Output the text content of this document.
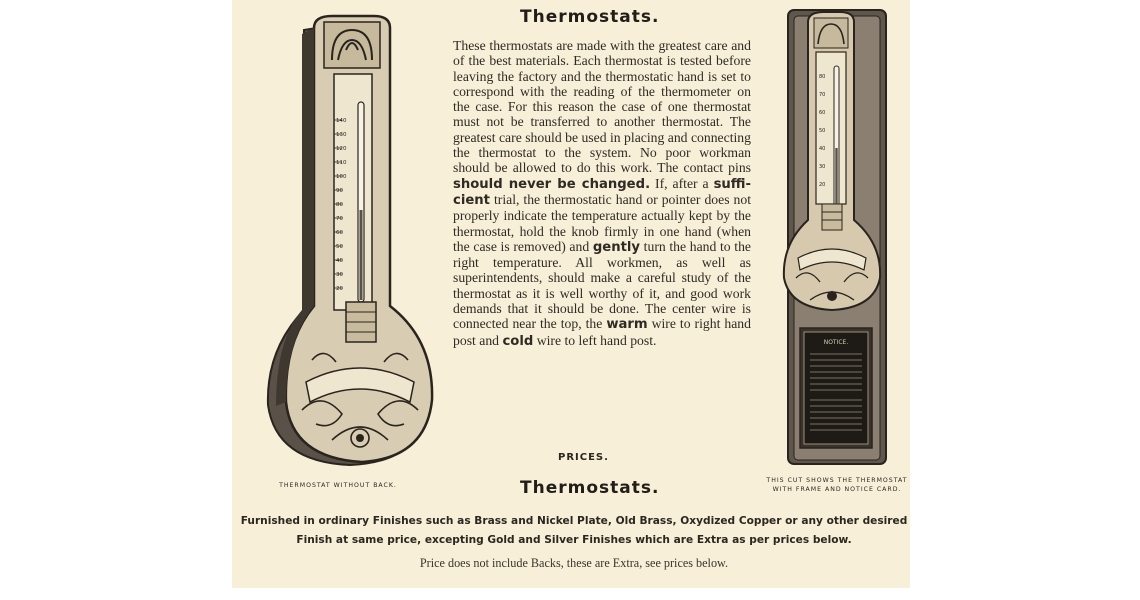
140
130
120
110
100
90
80
70
60
50
40
30
20
80
70
60
50
40
30
20
NOTICE.
Thermostats.
These thermostats are made with the greatest care and of the best materials. Each thermostat is tested before leaving the factory and the thermostatic hand is set to correspond with the reading of the thermometer on the case. For this reason the case of one thermostat must not be transferred to another thermostat. The greatest care should be used in placing and connecting the thermostat to the system. No poor workman should be allowed to do this work. The contact pins should never be changed. If, after a sufficient trial, the thermostatic hand or pointer does not properly indicate the temperature actually kept by the thermostat, hold the knob firmly in one hand (when the case is removed) and gently turn the hand to the right temperature. All workmen, as well as superintendents, should make a careful study of the thermostat as it is well worthy of it, and good work demands that it should be done. The center wire is connected near the top, the warm wire to right hand post and cold wire to left hand post.
PRICES.
THERMOSTAT WITHOUT BACK.
THIS CUT SHOWS THE THERMOSTAT
WITH FRAME AND NOTICE CARD.
Thermostats.
Furnished in ordinary Finishes such as Brass and Nickel Plate, Old Brass, Oxydized Copper or any other desired
Finish at same price, excepting Gold and Silver Finishes which are Extra as per prices below.
Price does not include Backs, these are Extra, see prices below.
